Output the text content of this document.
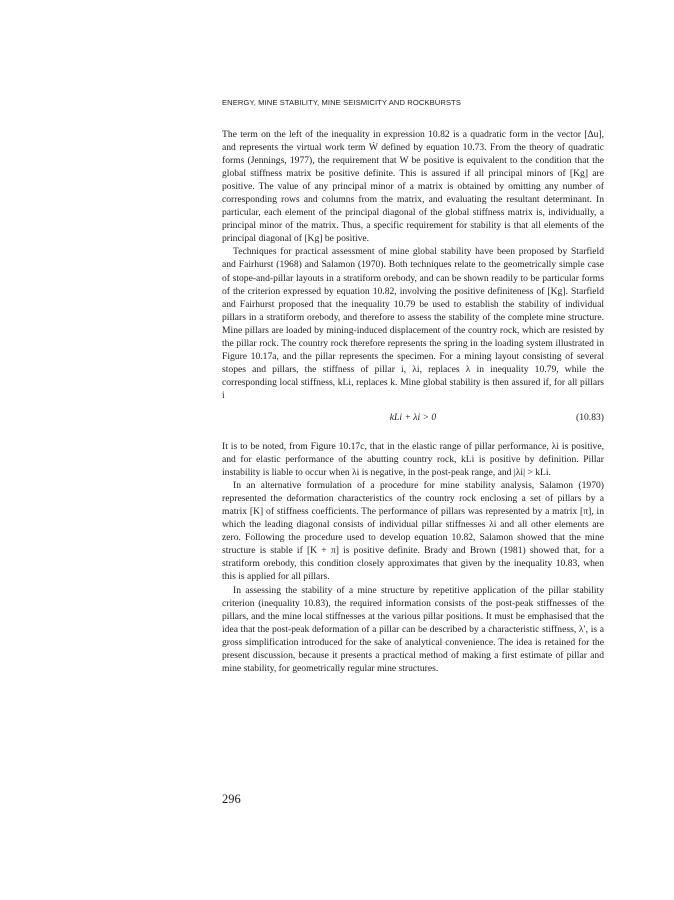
ENERGY, MINE STABILITY, MINE SEISMICITY AND ROCKBURSTS

The term on the left of the inequality in expression 10.82 is a quadratic form in the vector [Δu], and represents the virtual work term Ẇ defined by equation 10.73. From the theory of quadratic forms (Jennings, 1977), the requirement that W be positive is equivalent to the condition that the global stiffness matrix be positive definite. This is assured if all principal minors of [Kg] are positive. The value of any principal minor of a matrix is obtained by omitting any number of corresponding rows and columns from the matrix, and evaluating the resultant determinant. In particular, each element of the principal diagonal of the global stiffness matrix is, individually, a principal minor of the matrix. Thus, a specific requirement for stability is that all elements of the principal diagonal of [Kg] be positive.

Techniques for practical assessment of mine global stability have been proposed by Starfield and Fairhurst (1968) and Salamon (1970). Both techniques relate to the geometrically simple case of stope-and-pillar layouts in a stratiform orebody, and can be shown readily to be particular forms of the criterion expressed by equation 10.82, involving the positive definiteness of [Kg]. Starfield and Fairhurst proposed that the inequality 10.79 be used to establish the stability of individual pillars in a stratiform orebody, and therefore to assess the stability of the complete mine structure. Mine pillars are loaded by mining-induced displacement of the country rock, which are resisted by the pillar rock. The country rock therefore represents the spring in the loading system illustrated in Figure 10.17a, and the pillar represents the specimen. For a mining layout consisting of several stopes and pillars, the stiffness of pillar i, λi, replaces λ in inequality 10.79, while the corresponding local stiffness, kLi, replaces k. Mine global stability is then assured if, for all pillars i

kLi + λi > 0	(10.83)

It is to be noted, from Figure 10.17c, that in the elastic range of pillar performance, λi is positive, and for elastic performance of the abutting country rock, kLi is positive by definition. Pillar instability is liable to occur when λi is negative, in the post-peak range, and |λi| > kLi.

In an alternative formulation of a procedure for mine stability analysis, Salamon (1970) represented the deformation characteristics of the country rock enclosing a set of pillars by a matrix [K] of stiffness coefficients. The performance of pillars was represented by a matrix [π], in which the leading diagonal consists of individual pillar stiffnesses λi and all other elements are zero. Following the procedure used to develop equation 10.82, Salamon showed that the mine structure is stable if [K + π] is positive definite. Brady and Brown (1981) showed that, for a stratiform orebody, this condition closely approximates that given by the inequality 10.83, when this is applied for all pillars.

In assessing the stability of a mine structure by repetitive application of the pillar stability criterion (inequality 10.83), the required information consists of the post-peak stiffnesses of the pillars, and the mine local stiffnesses at the various pillar positions. It must be emphasised that the idea that the post-peak deformation of a pillar can be described by a characteristic stiffness, λ′, is a gross simplification introduced for the sake of analytical convenience. The idea is retained for the present discussion, because it presents a practical method of making a first estimate of pillar and mine stability, for geometrically regular mine structures.

296
